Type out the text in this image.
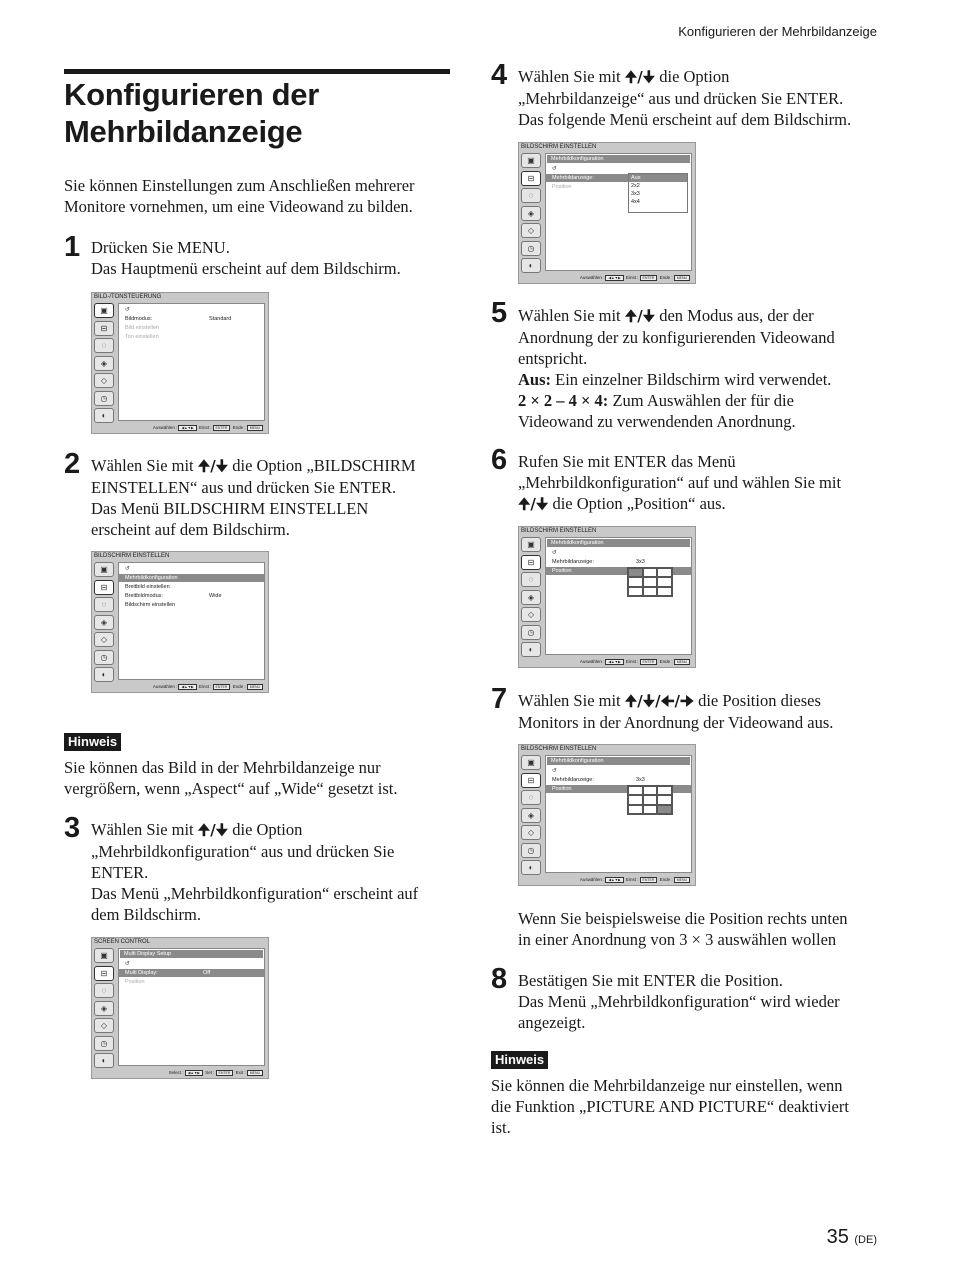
Konfigurieren der Mehrbildanzeige
Konfigurieren der
Mehrbildanzeige
Sie können Einstellungen zum Anschließen mehrerer
Monitore vornehmen, um eine Videowand zu bilden.
1 Drücken Sie MENU.
Das Hauptmenü erscheint auf dem Bildschirm.
BILD-/TONSTEUERUNG
▣
⊟
◌
◈
◇
◷
◐
↺
Bildmodus:	Standard
Bild einstellen
Ton einstellen
Auswählen : ◀▲▼▶ Einst : ENTER Ende : MENU
2 Wählen Sie mit 🠉/🠋 die Option „BILDSCHIRM
EINSTELLEN“ aus und drücken Sie ENTER.
Das Menü BILDSCHIRM EINSTELLEN
erscheint auf dem Bildschirm.
BILDSCHIRM EINSTELLEN
▣
⊟
◌
◈
◇
◷
◐
↺
Mehrbildkonfiguration
Breitbild einstellen
Breitbildmodus:	Wide
Bildschirm einstellen
Auswählen : ◀▲▼▶ Einst : ENTER Ende : MENU
Hinweis
Sie können das Bild in der Mehrbildanzeige nur
vergrößern, wenn „Aspect“ auf „Wide“ gesetzt ist.
3 Wählen Sie mit 🠉/🠋 die Option
„Mehrbildkonfiguration“ aus und drücken Sie
ENTER.
Das Menü „Mehrbildkonfiguration“ erscheint auf
dem Bildschirm.
SCREEN CONTROL
▣
⊟
◌
◈
◇
◷
◐
Multi Display Setup
↺
Multi Display:	Off
Position
Select : ◀▲▼▶ Set : ENTER Exit : MENU
4 Wählen Sie mit 🠉/🠋 die Option
„Mehrbildanzeige“ aus und drücken Sie ENTER.
Das folgende Menü erscheint auf dem Bildschirm.
BILDSCHIRM EINSTELLEN
▣
⊟
◌
◈
◇
◷
◐
Mehrbildkonfiguration
↺
Mehrbildanzeige:
Position
Aus
2x2
3x3
4x4
Auswählen : ◀▲▼▶ Einst : ENTER Ende : MENU
5 Wählen Sie mit 🠉/🠋 den Modus aus, der der
Anordnung der zu konfigurierenden Videowand
entspricht.
Aus: Ein einzelner Bildschirm wird verwendet.
2 × 2 – 4 × 4: Zum Auswählen der für die
Videowand zu verwendenden Anordnung.
6 Rufen Sie mit ENTER das Menü
„Mehrbildkonfiguration“ auf und wählen Sie mit
🠉/🠋 die Option „Position“ aus.
BILDSCHIRM EINSTELLEN
▣
⊟
◌
◈
◇
◷
◐
Mehrbildkonfiguration
↺
Mehrbildanzeige:	3x3
Position
Auswählen : ◀▲▼▶ Einst : ENTER Ende : MENU
7 Wählen Sie mit 🠉/🠋/🠈/🠊 die Position dieses
Monitors in der Anordnung der Videowand aus.
BILDSCHIRM EINSTELLEN
▣
⊟
◌
◈
◇
◷
◐
Mehrbildkonfiguration
↺
Mehrbildanzeige:	3x3
Position
Auswählen : ◀▲▼▶ Einst : ENTER Ende : MENU
Wenn Sie beispielsweise die Position rechts unten
in einer Anordnung von 3 × 3 auswählen wollen
8 Bestätigen Sie mit ENTER die Position.
Das Menü „Mehrbildkonfiguration“ wird wieder
angezeigt.
Hinweis
Sie können die Mehrbildanzeige nur einstellen, wenn
die Funktion „PICTURE AND PICTURE“ deaktiviert
ist.
35 (DE)
